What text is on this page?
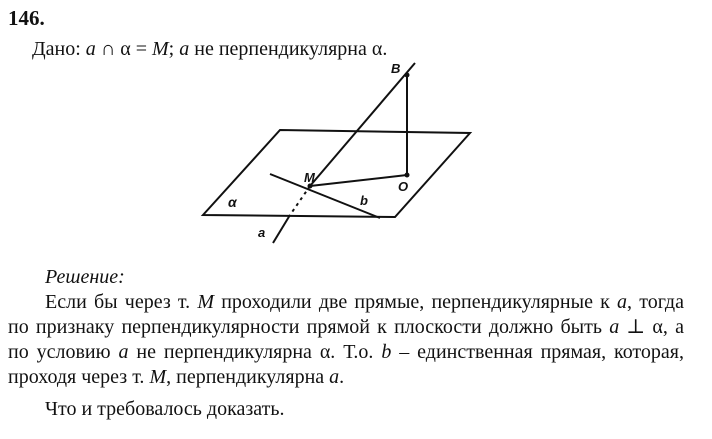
146.
Дано: a ∩ α = M; a не перпендикулярна α.
B
M
O
b
α
a
Решение:
Если бы через т. M проходили две прямые, перпендикулярные к a, тогда по признаку перпендикулярности прямой к плоскости должно быть a ⊥ α, а по условию a не перпендикулярна α. Т.о. b – единственная прямая, которая, проходя через т. M, перпендикулярна a.
Что и требовалось доказать.
